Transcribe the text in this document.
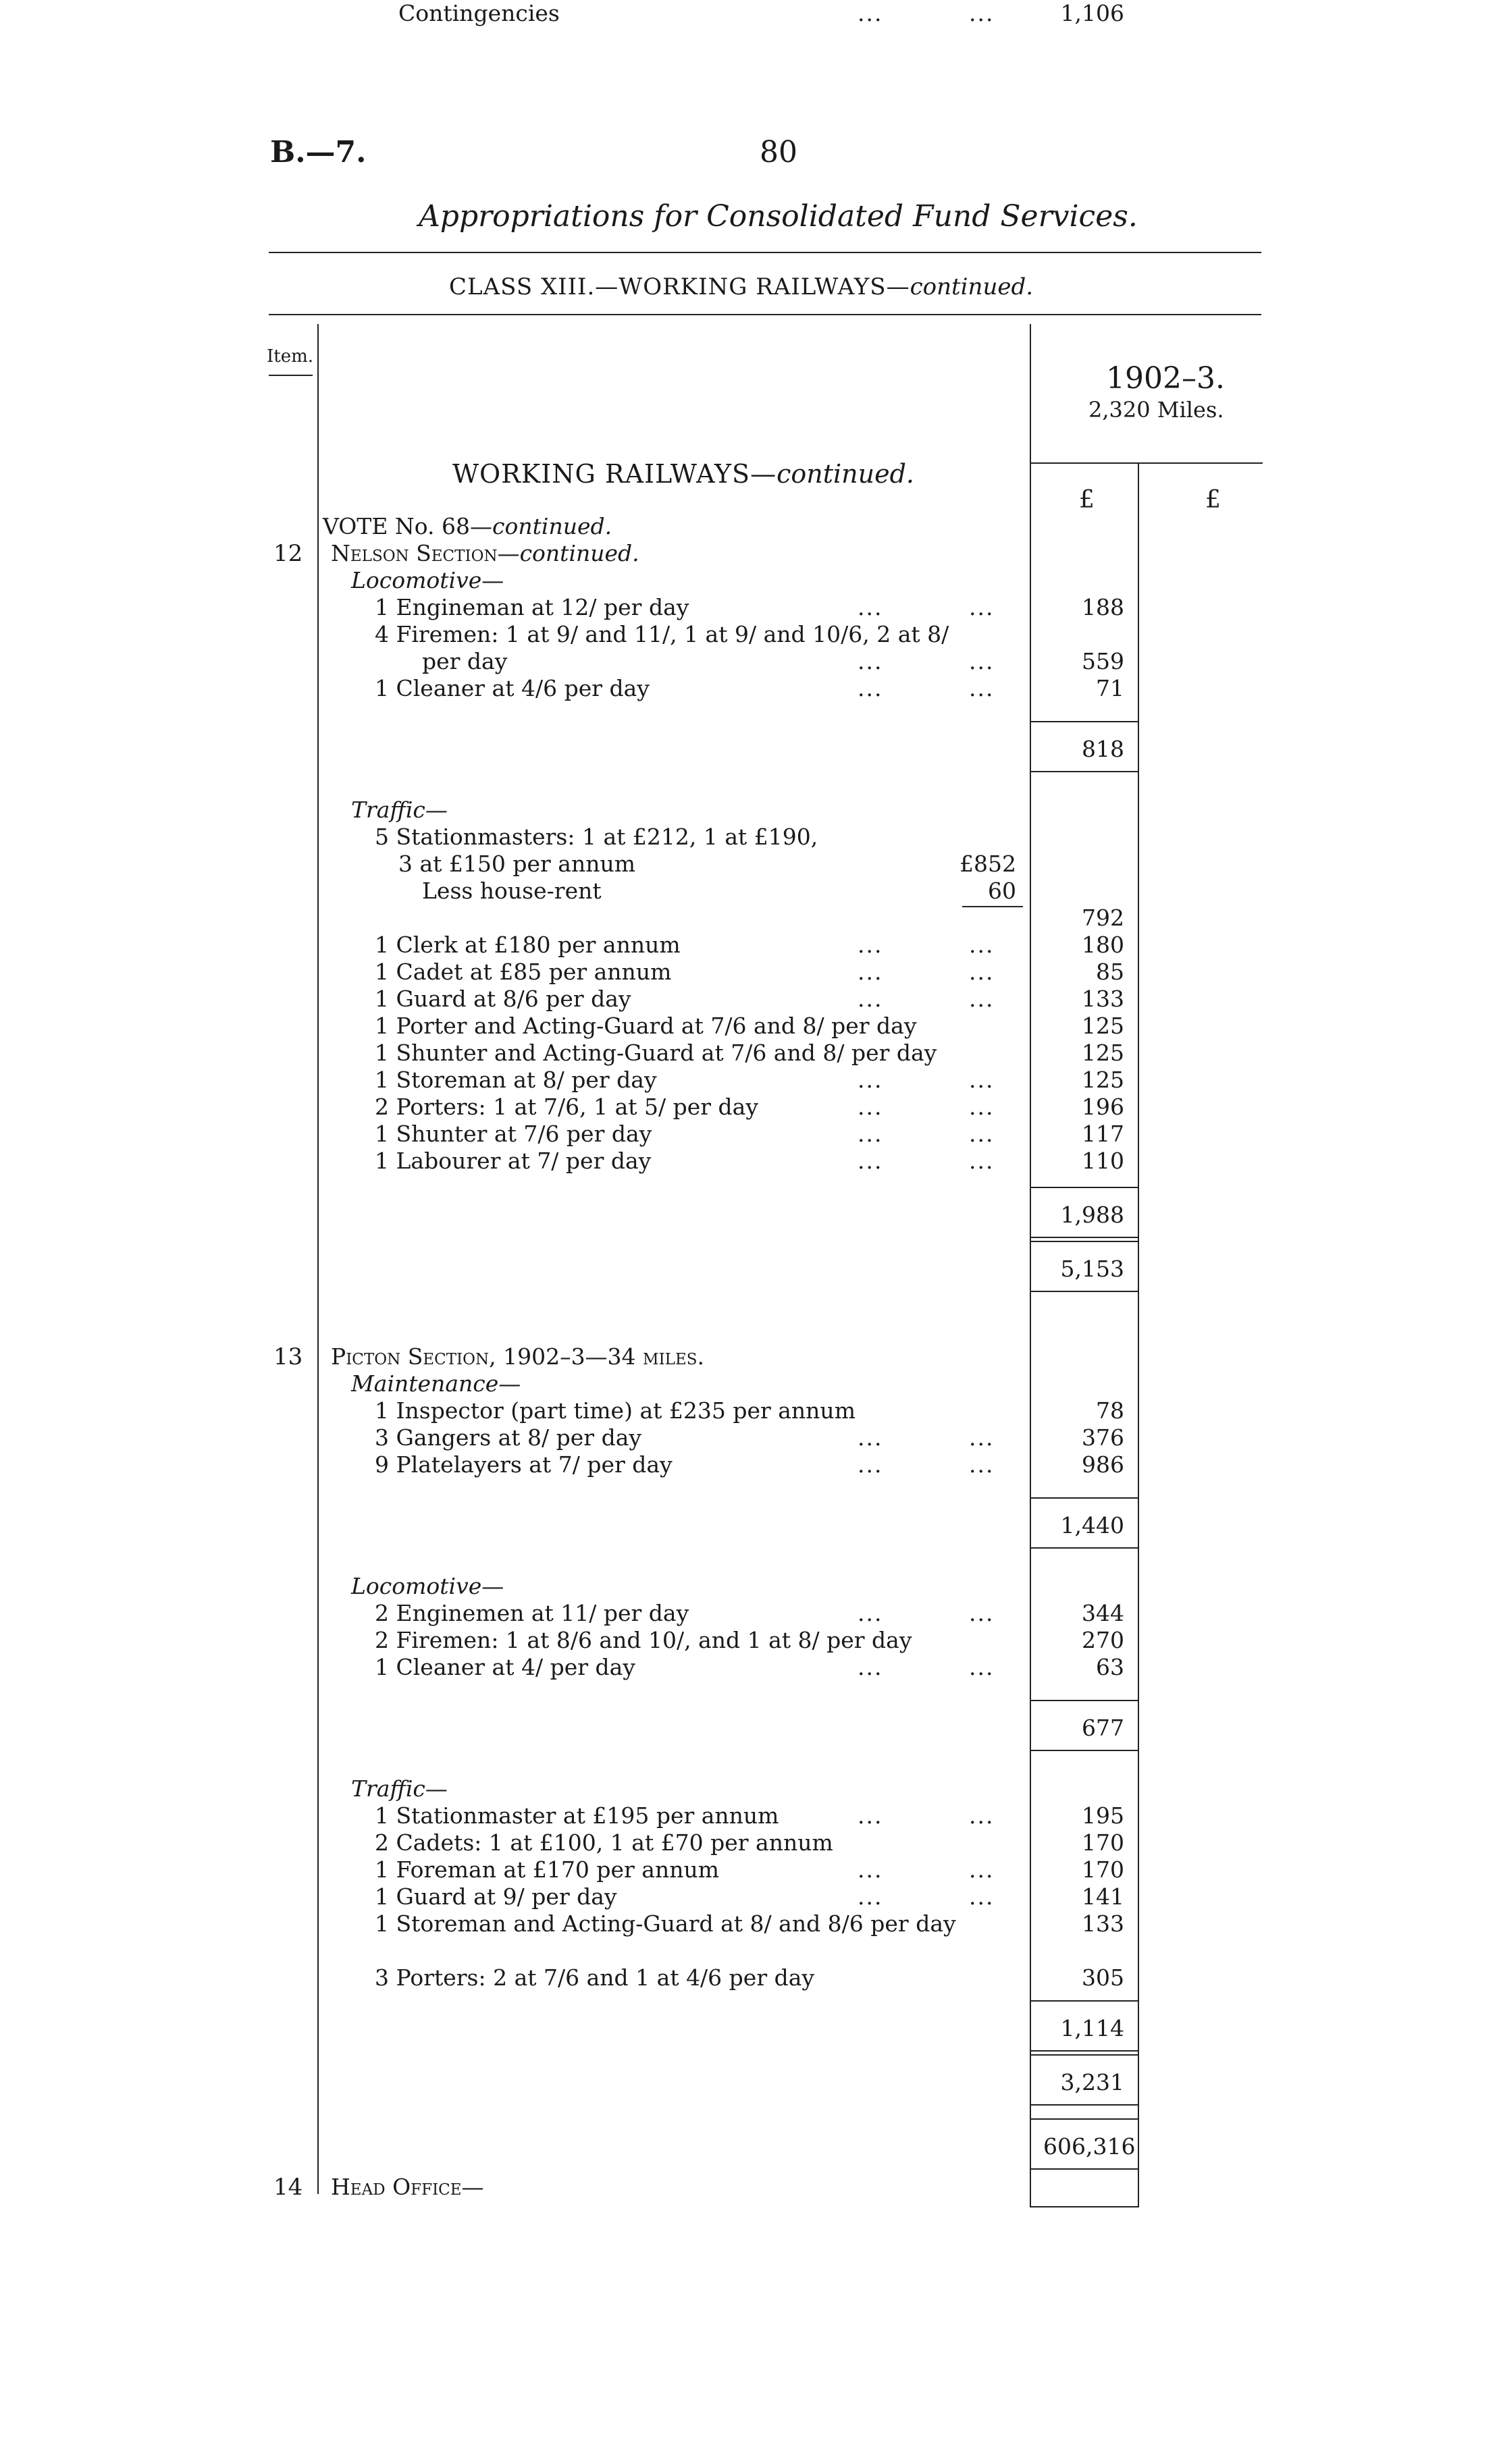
B.—7.	80
Appropriations for Consolidated Fund Services.
CLASS XIII.—WORKING RAILWAYS—continued.
Item.
1902–3.
2,320 Miles.
£	£
WORKING RAILWAYS—continued.
VOTE No. 68—continued.
12 Nelson Section—continued.
Locomotive—
1 Engineman at 12/ per day	...	...	188
4 Firemen: 1 at 9/ and 11/, 1 at 9/ and 10/6, 2 at 8/
per day	...	...	559
1 Cleaner at 4/6 per day	...	...	71
818
Traffic—
5 Stationmasters: 1 at £212, 1 at £190,
3 at £150 per annum	£852
Less house-rent	60
792
1 Clerk at £180 per annum	...	...	180
1 Cadet at £85 per annum	...	...	85
1 Guard at 8/6 per day	...	...	133
1 Porter and Acting-Guard at 7/6 and 8/ per day	125
1 Shunter and Acting-Guard at 7/6 and 8/ per day	125
1 Storeman at 8/ per day	...	...	125
2 Porters: 1 at 7/6, 1 at 5/ per day	...	...	196
1 Shunter at 7/6 per day	...	...	117
1 Labourer at 7/ per day	...	...	110
1,988
5,153
13 Picton Section, 1902–3—34 miles.
Maintenance—
1 Inspector (part time) at £235 per annum	78
3 Gangers at 8/ per day	...	...	376
9 Platelayers at 7/ per day	...	...	986
1,440
Locomotive—
2 Enginemen at 11/ per day	...	...	344
2 Firemen: 1 at 8/6 and 10/, and 1 at 8/ per day	270
1 Cleaner at 4/ per day	...	...	63
677
Traffic—
1 Stationmaster at £195 per annum	...	...	195
2 Cadets: 1 at £100, 1 at £70 per annum	170
1 Foreman at £170 per annum	...	...	170
1 Guard at 9/ per day	...	...	141
1 Storeman and Acting-Guard at 8/ and 8/6 per day	133
3 Porters: 2 at 7/6 and 1 at 4/6 per day	305
1,114
3,231
606,316
14 Head Office—
Contingencies	...	...	1,106
